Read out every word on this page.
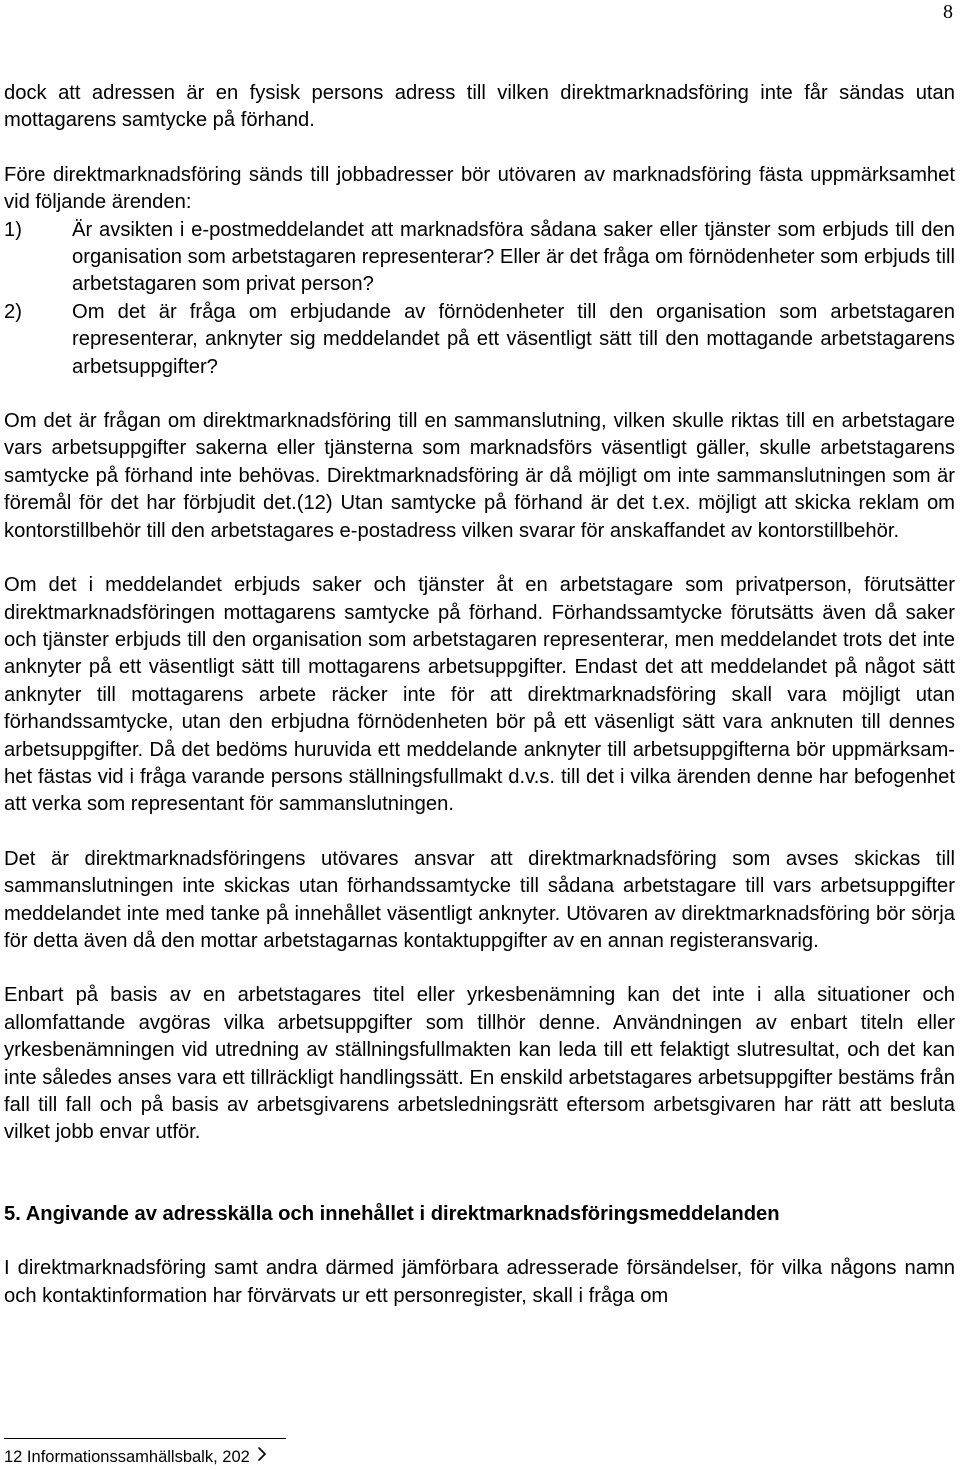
8

dock att adressen är en fysisk persons adress till vilken direktmarknadsföring inte får sändas utan mottagarens samtycke på förhand.

Före direktmarknadsföring sänds till jobbadresser bör utövaren av marknadsföring fästa uppmärksamhet vid följande ärenden:

1)	Är avsikten i e-postmeddelandet att marknadsföra sådana saker eller tjänster som erbjuds till den organisation som arbetstagaren representerar? Eller är det fråga om förnödenheter som erbjuds till arbetstagaren som privat person?
2)	Om det är fråga om erbjudande av förnödenheter till den organisation som arbetstagaren representerar, anknyter sig meddelandet på ett väsentligt sätt till den mottagande arbetstagarens arbetsuppgifter?

Om det är frågan om direktmarknadsföring till en sammanslutning, vilken skulle riktas till en arbetstagare vars arbetsuppgifter sakerna eller tjänsterna som marknadsförs väsentligt gäller, skulle arbetstagarens samtycke på förhand inte behövas. Direktmarknadsföring är då möjligt om inte sammanslutningen som är föremål för det har förbjudit det.(12) Utan samtycke på förhand är det t.ex. möjligt att skicka reklam om kontorstillbehör till den arbetstagares e-postadress vilken svarar för anskaffandet av kontorstillbehör.

Om det i meddelandet erbjuds saker och tjänster åt en arbetstagare som privatperson, förutsätter direktmarknadsföringen mottagarens samtycke på förhand. Förhandssamtycke förutsätts även då saker och tjänster erbjuds till den organisation som arbetstagaren representerar, men meddelandet trots det inte anknyter på ett väsentligt sätt till mottagarens arbetsuppgifter. Endast det att meddelandet på något sätt anknyter till mottagarens arbete räcker inte för att direktmarknadsföring skall vara möjligt utan förhandssamtycke, utan den erbjudna förnödenheten bör på ett väsenligt sätt vara anknuten till dennes arbetsuppgifter. Då det bedöms huruvida ett meddelande anknyter till arbetsuppgifterna bör uppmärksamhet fästas vid i fråga varande persons ställningsfullmakt d.v.s. till det i vilka ärenden denne har befogenhet att verka som representant för sammanslutningen.

Det är direktmarknadsföringens utövares ansvar att direktmarknadsföring som avses skickas till sammanslutningen inte skickas utan förhandssamtycke till sådana arbetstagare till vars arbetsuppgifter meddelandet inte med tanke på innehållet väsentligt anknyter. Utövaren av direktmarknadsföring bör sörja för detta även då den mottar arbetstagarnas kontaktuppgifter av en annan registeransvarig.

Enbart på basis av en arbetstagares titel eller yrkesbenämning kan det inte i alla situationer och allomfattande avgöras vilka arbetsuppgifter som tillhör denne. Användningen av enbart titeln eller yrkesbenämningen vid utredning av ställningsfullmakten kan leda till ett felaktigt slutresultat, och det kan inte således anses vara ett tillräckligt handlingssätt. En enskild arbetstagares arbetsuppgifter bestäms från fall till fall och på basis av arbetsgivarens arbetsledningsrätt eftersom arbetsgivaren har rätt att besluta vilket jobb envar utför.

5. Angivande av adresskälla och innehållet i direktmarknadsföringsmeddelanden

I direktmarknadsföring samt andra därmed jämförbara adresserade försändelser, för vilka någons namn och kontaktinformation har förvärvats ur ett personregister, skall i fråga om

12 Informationssamhällsbalk, 202
